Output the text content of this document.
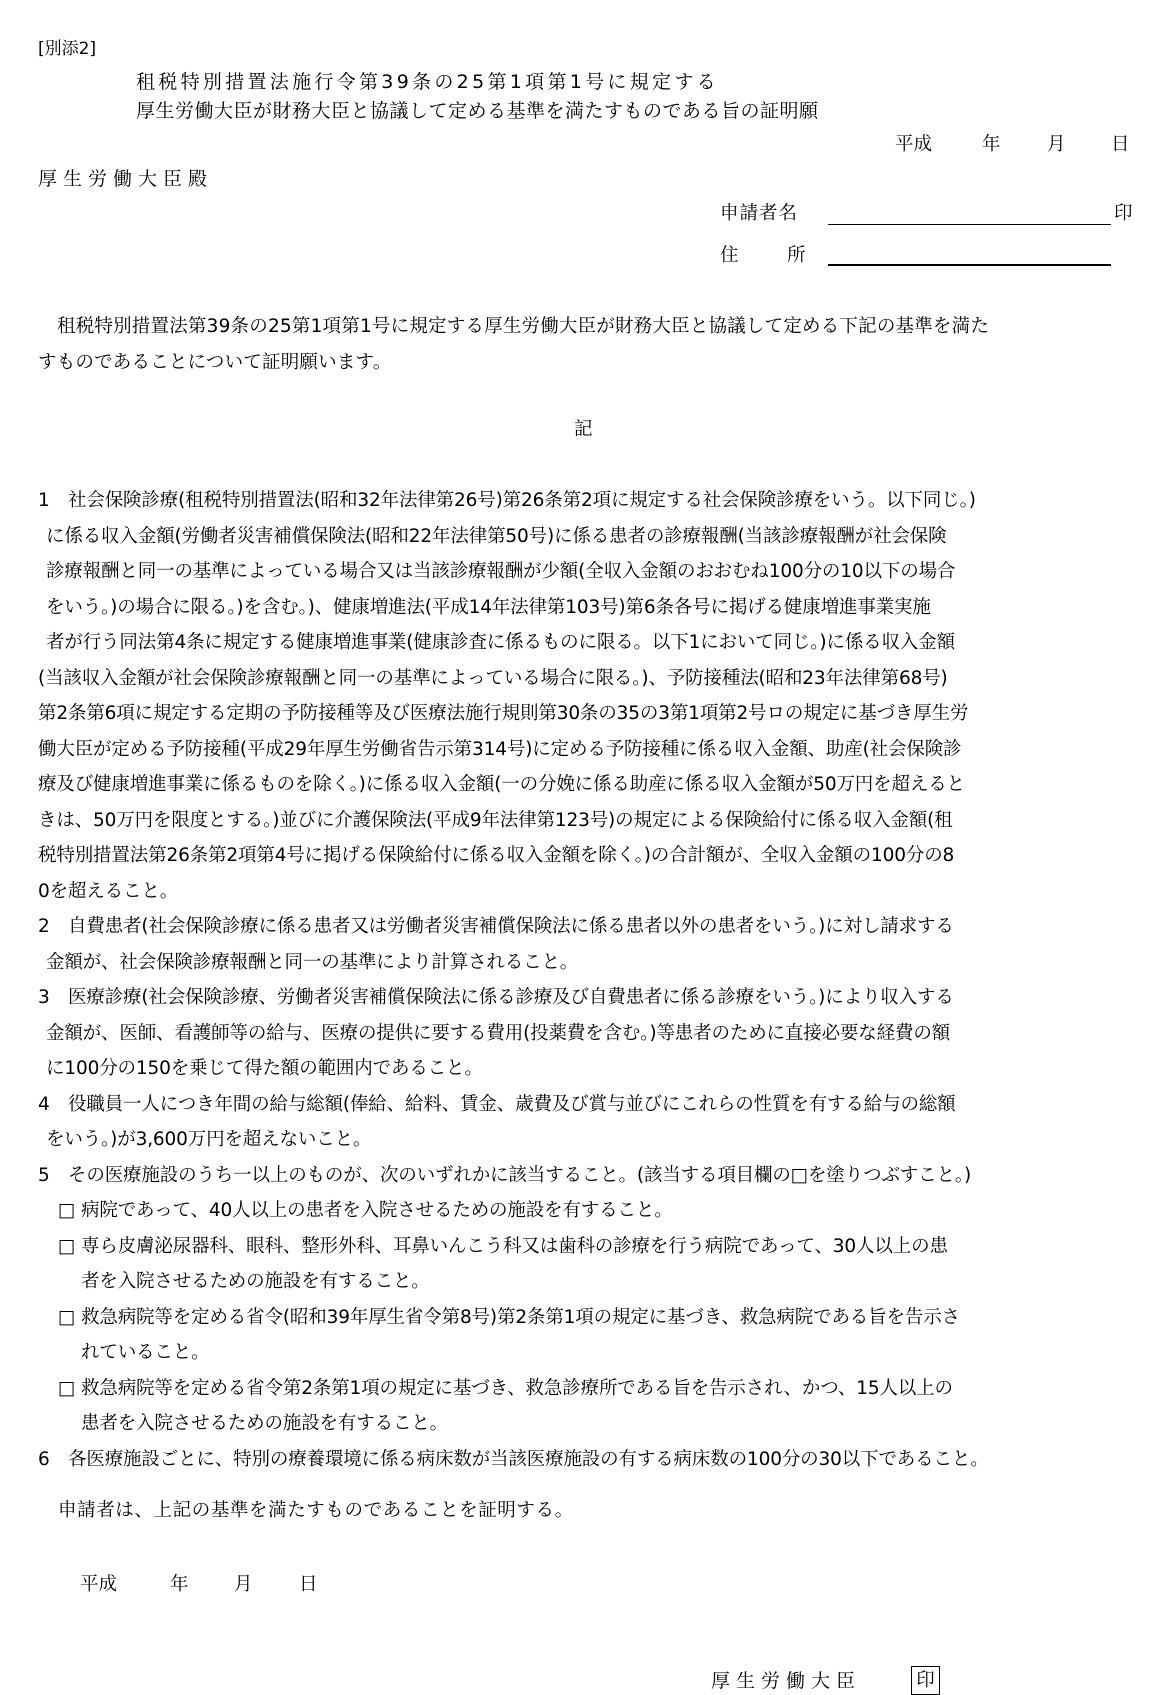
[別添2]
租税特別措置法施行令第39条の25第1項第1号に規定する
厚生労働大臣が財務大臣と協議して定める基準を満たすものである旨の証明願
平成	年	月 日
厚生労働大臣殿
申請者名	印
住	所
租税特別措置法第39条の25第1項第1号に規定する厚生労働大臣が財務大臣と協議して定める下記の基準を満た
すものであることについて証明願います。
記
1 社会保険診療(租税特別措置法(昭和32年法律第26号)第26条第2項に規定する社会保険診療をいう。以下同じ。)
に係る収入金額(労働者災害補償保険法(昭和22年法律第50号)に係る患者の診療報酬(当該診療報酬が社会保険
診療報酬と同一の基準によっている場合又は当該診療報酬が少額(全収入金額のおおむね100分の10以下の場合
をいう。)の場合に限る。)を含む。)、健康増進法(平成14年法律第103号)第6条各号に掲げる健康増進事業実施
者が行う同法第4条に規定する健康増進事業(健康診査に係るものに限る。以下1において同じ。)に係る収入金額
(当該収入金額が社会保険診療報酬と同一の基準によっている場合に限る。)、予防接種法(昭和23年法律第68号)
第2条第6項に規定する定期の予防接種等及び医療法施行規則第30条の35の3第1項第2号ロの規定に基づき厚生労
働大臣が定める予防接種(平成29年厚生労働省告示第314号)に定める予防接種に係る収入金額、助産(社会保険診
療及び健康増進事業に係るものを除く。)に係る収入金額(一の分娩に係る助産に係る収入金額が50万円を超えると
きは、50万円を限度とする。)並びに介護保険法(平成9年法律第123号)の規定による保険給付に係る収入金額(租
税特別措置法第26条第2項第4号に掲げる保険給付に係る収入金額を除く。)の合計額が、全収入金額の100分の8
0を超えること。
2 自費患者(社会保険診療に係る患者又は労働者災害補償保険法に係る患者以外の患者をいう。)に対し請求する
金額が、社会保険診療報酬と同一の基準により計算されること。
3 医療診療(社会保険診療、労働者災害補償保険法に係る診療及び自費患者に係る診療をいう。)により収入する
金額が、医師、看護師等の給与、医療の提供に要する費用(投薬費を含む。)等患者のために直接必要な経費の額
に100分の150を乗じて得た額の範囲内であること。
4 役職員一人につき年間の給与総額(俸給、給料、賃金、歳費及び賞与並びにこれらの性質を有する給与の総額
をいう。)が3,600万円を超えないこと。
5 その医療施設のうち一以上のものが、次のいずれかに該当すること。(該当する項目欄の□を塗りつぶすこと。)
□ 病院であって、40人以上の患者を入院させるための施設を有すること。
□ 専ら皮膚泌尿器科、眼科、整形外科、耳鼻いんこう科又は歯科の診療を行う病院であって、30人以上の患
者を入院させるための施設を有すること。
□ 救急病院等を定める省令(昭和39年厚生省令第8号)第2条第1項の規定に基づき、救急病院である旨を告示さ
れていること。
□ 救急病院等を定める省令第2条第1項の規定に基づき、救急診療所である旨を告示され、かつ、15人以上の
患者を入院させるための施設を有すること。
6 各医療施設ごとに、特別の療養環境に係る病床数が当該医療施設の有する病床数の100分の30以下であること。
申請者は、上記の基準を満たすものであることを証明する。
平成	年 月	日
厚生労働大臣	印
